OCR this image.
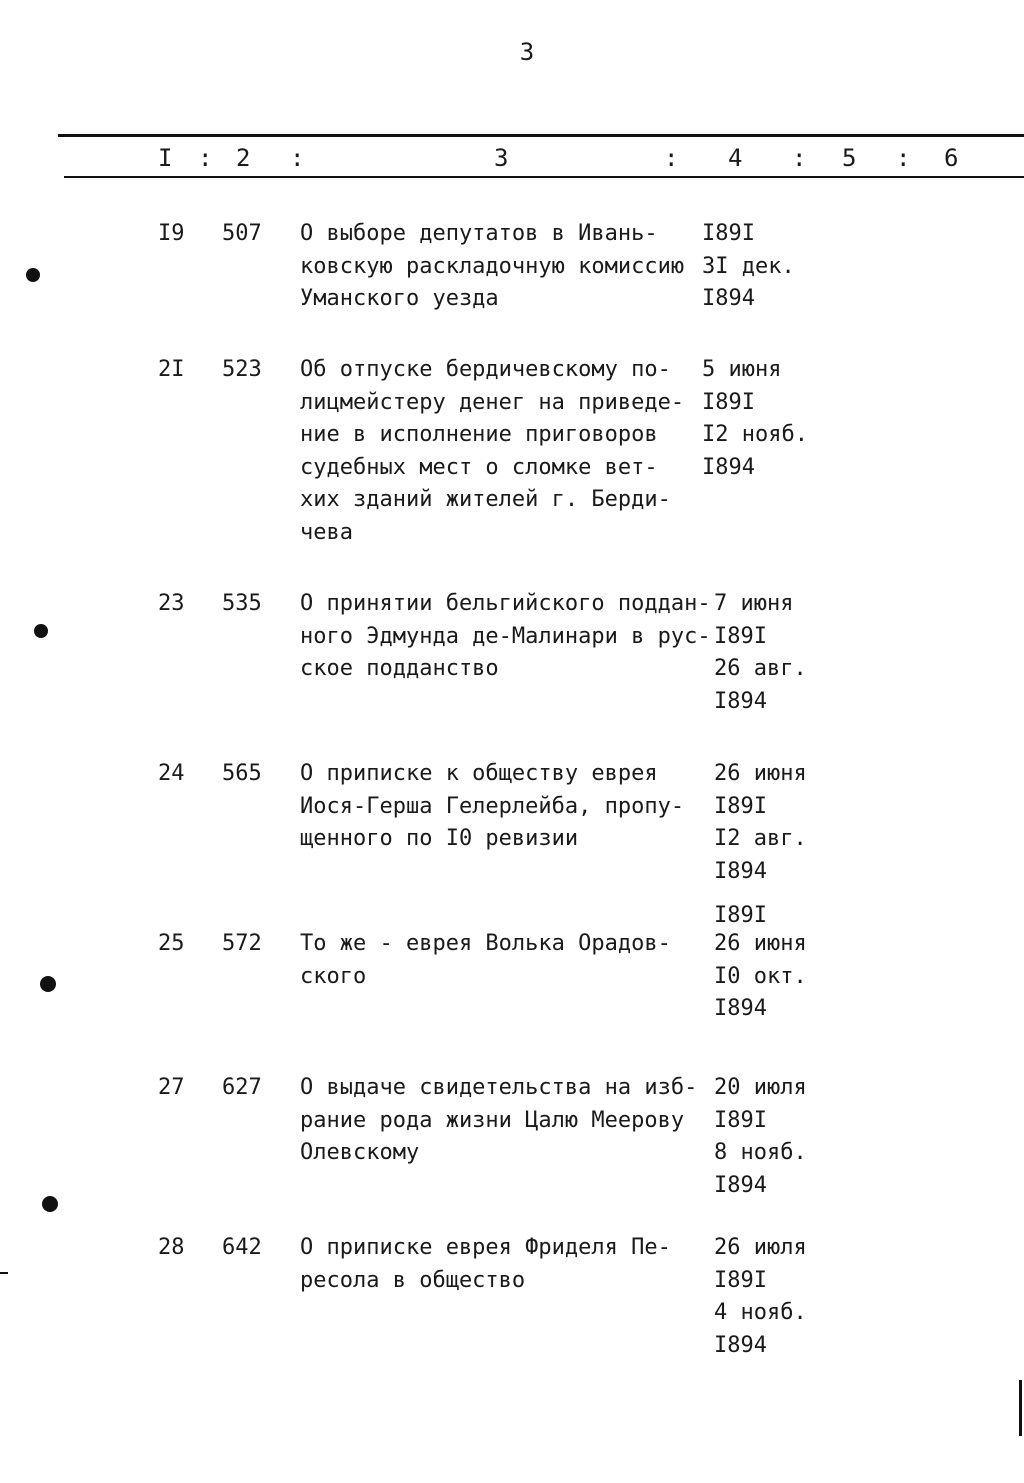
3
I : 2 :	3	: 4 : 5 : 6
I9 507 О выборе депутатов в Ивань-
ковскую раскладочную комиссию
Уманского уезда
I89I
3I дек.
I894
2I 523 Об отпуске бердичевскому по-
лицмейстеру денег на приведе-
ние в исполнение приговоров
судебных мест о сломке вет-
хих зданий жителей г. Берди-
чева
5 июня
I89I
I2 нояб.
I894
23 535 О принятии бельгийского поддан-
ного Эдмунда де-Малинари в рус-
ское подданство
7 июня
I89I
26 авг.
I894
24 565 О приписке к обществу еврея
Иося-Герша Гелерлейба, пропу-
щенного по I0 ревизии
26 июня
I89I
I2 авг.
I894
25 572 То же - еврея Волька Орадов-
ского
I89I
26 июня
I0 окт.
I894
27 627 О выдаче свидетельства на изб-
рание рода жизни Цалю Меерову
Олевскому
20 июля
I89I
8 нояб.
I894
28 642 О приписке еврея Фриделя Пе-
ресола в общество
26 июля
I89I
4 нояб.
I894
